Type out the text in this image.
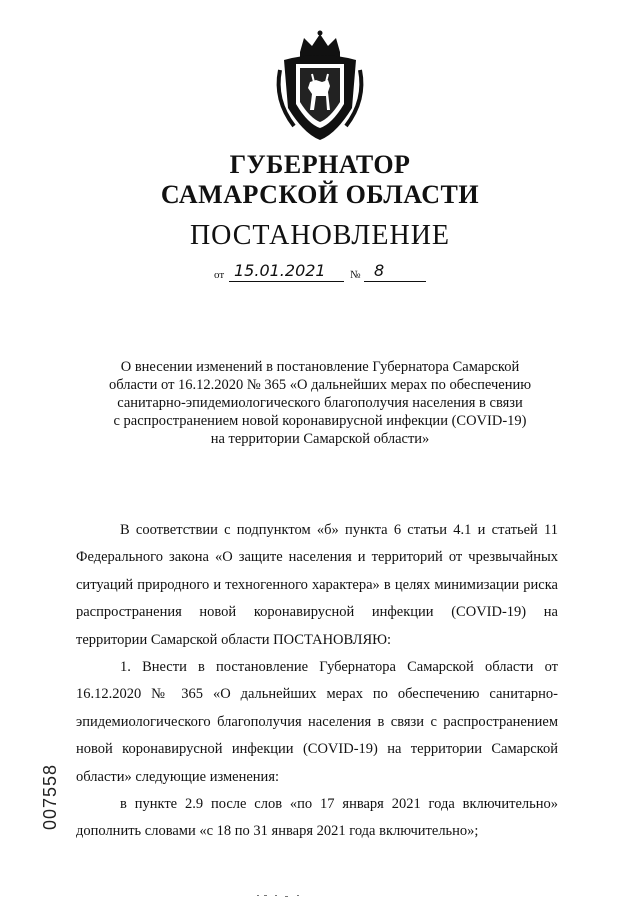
ГУБЕРНАТОР
САМАРСКОЙ ОБЛАСТИ
ПОСТАНОВЛЕНИЕ
от 15.01.2021 № 8
О внесении изменений в постановление Губернатора Самарской
области от 16.12.2020 № 365 «О дальнейших мерах по обеспечению
санитарно-эпидемиологического благополучия населения в связи
с распространением новой коронавирусной инфекции (COVID-19)
на территории Самарской области»

В соответствии с подпунктом «б» пункта 6 статьи 4.1 и статьей 11 Федерального закона «О защите населения и территорий от чрезвычайных ситуаций природного и техногенного характера» в целях минимизации риска распространения новой коронавирусной инфекции (COVID-19) на территории Самарской области ПОСТАНОВЛЯЮ:

1. Внести в постановление Губернатора Самарской области от 16.12.2020 № 365 «О дальнейших мерах по обеспечению санитарно-эпидемиологического благополучия населения в связи с распространением новой коронавирусной инфекции (COVID-19) на территории Самарской области» следующие изменения:

в пункте 2.9 после слов «по 17 января 2021 года включительно» дополнить словами «с 18 по 31 января 2021 года включительно»;

007558
